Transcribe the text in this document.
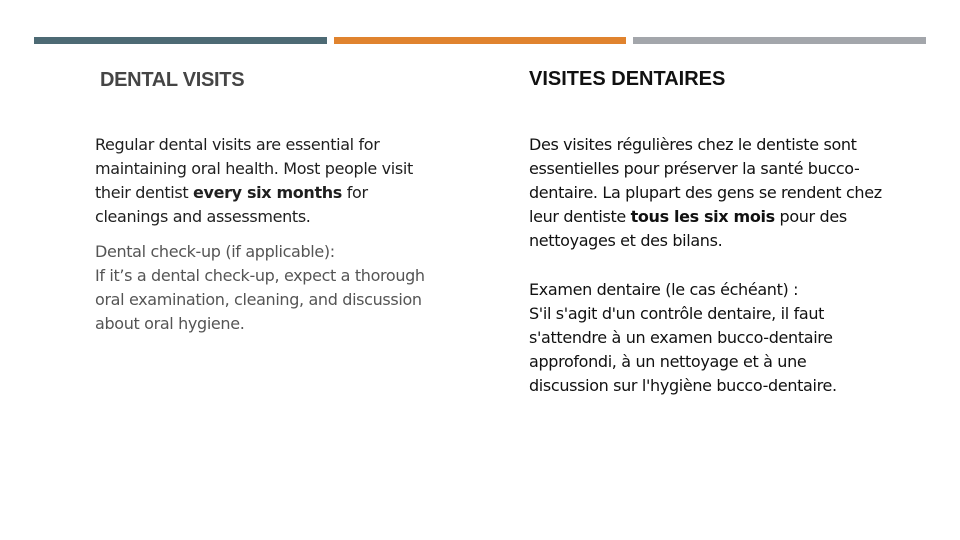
DENTAL VISITS	VISITES DENTAIRES

Regular dental visits are essential for
maintaining oral health. Most people visit
their dentist every six months for
cleanings and assessments.

Dental check-up (if applicable):
If it’s a dental check-up, expect a thorough
oral examination, cleaning, and discussion
about oral hygiene.

Des visites régulières chez le dentiste sont
essentielles pour préserver la santé bucco-
dentaire. La plupart des gens se rendent chez
leur dentiste tous les six mois pour des
nettoyages et des bilans.

Examen dentaire (le cas échéant) :
S'il s'agit d'un contrôle dentaire, il faut
s'attendre à un examen bucco-dentaire
approfondi, à un nettoyage et à une
discussion sur l'hygiène bucco-dentaire.
